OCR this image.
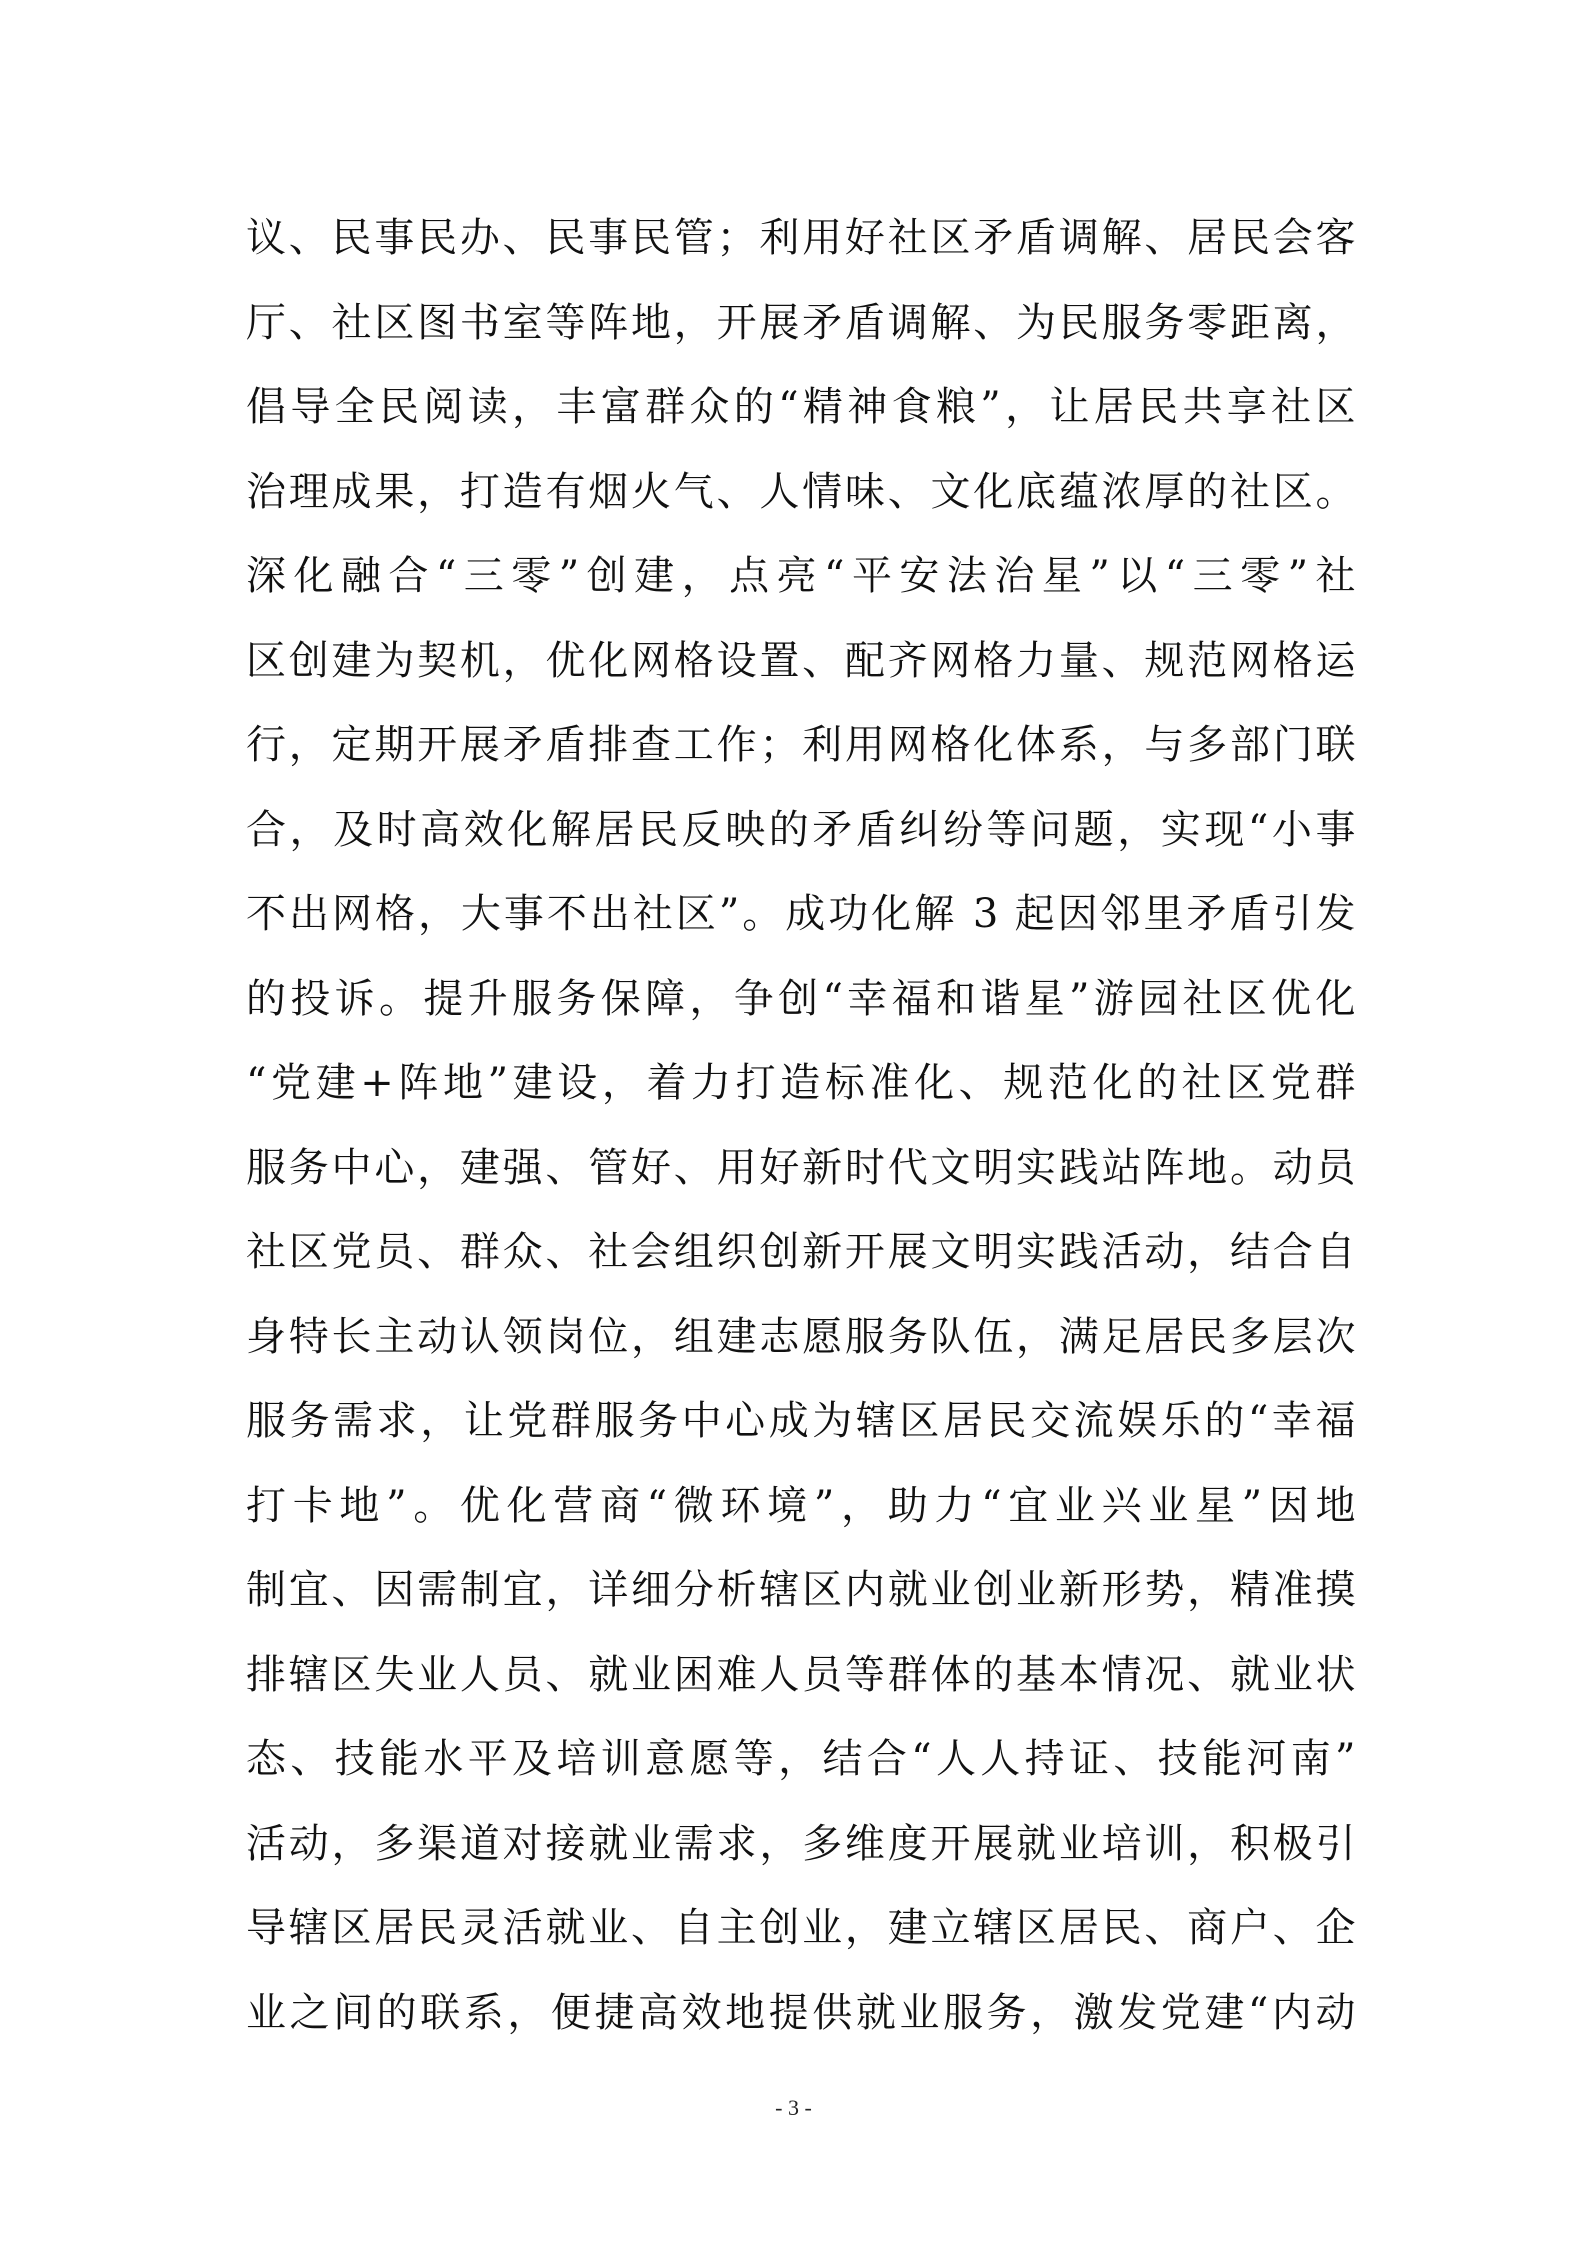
议、民事民办、民事民管；利用好社区矛盾调解、居民会客
厅、社区图书室等阵地，开展矛盾调解、为民服务零距离，
倡导全民阅读，丰富群众的“精神食粮”，让居民共享社区
治理成果，打造有烟火气、人情味、文化底蕴浓厚的社区。
深化融合“三零”创建，点亮“平安法治星”以“三零”社
区创建为契机，优化网格设置、配齐网格力量、规范网格运
行，定期开展矛盾排查工作；利用网格化体系，与多部门联
合，及时高效化解居民反映的矛盾纠纷等问题，实现“小事
不出网格，大事不出社区”。成功化解 3 起因邻里矛盾引发
的投诉。提升服务保障，争创“幸福和谐星”游园社区优化
“党建+阵地”建设，着力打造标准化、规范化的社区党群
服务中心，建强、管好、用好新时代文明实践站阵地。动员
社区党员、群众、社会组织创新开展文明实践活动，结合自
身特长主动认领岗位，组建志愿服务队伍，满足居民多层次
服务需求，让党群服务中心成为辖区居民交流娱乐的“幸福
打卡地”。优化营商“微环境”，助力“宜业兴业星”因地
制宜、因需制宜，详细分析辖区内就业创业新形势，精准摸
排辖区失业人员、就业困难人员等群体的基本情况、就业状
态、技能水平及培训意愿等，结合“人人持证、技能河南”
活动，多渠道对接就业需求，多维度开展就业培训，积极引
导辖区居民灵活就业、自主创业，建立辖区居民、商户、企
业之间的联系，便捷高效地提供就业服务，激发党建“内动
- 3 -
